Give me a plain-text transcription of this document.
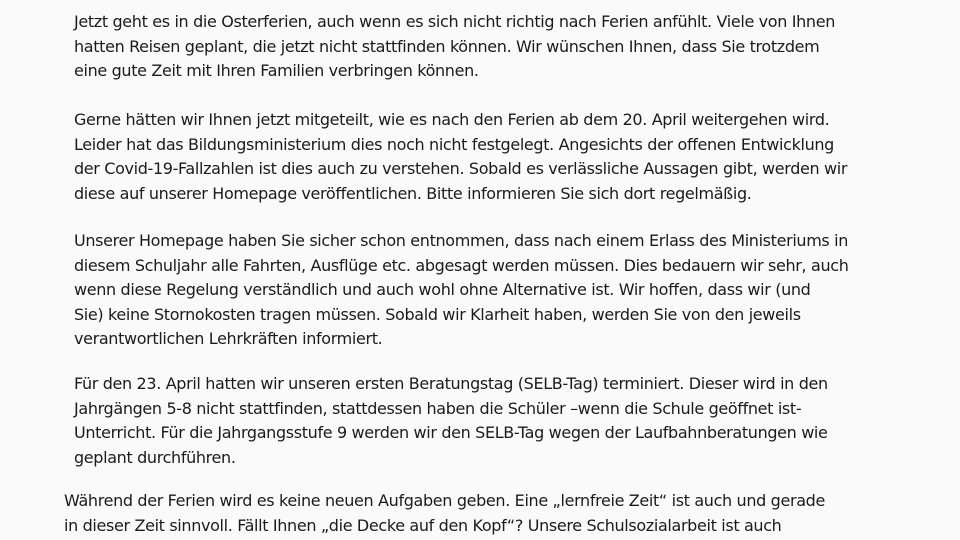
Jetzt geht es in die Osterferien, auch wenn es sich nicht richtig nach Ferien anfühlt. Viele von Ihnen
hatten Reisen geplant, die jetzt nicht stattfinden können. Wir wünschen Ihnen, dass Sie trotzdem
eine gute Zeit mit Ihren Familien verbringen können.

Gerne hätten wir Ihnen jetzt mitgeteilt, wie es nach den Ferien ab dem 20. April weitergehen wird.
Leider hat das Bildungsministerium dies noch nicht festgelegt. Angesichts der offenen Entwicklung
der Covid-19-Fallzahlen ist dies auch zu verstehen. Sobald es verlässliche Aussagen gibt, werden wir
diese auf unserer Homepage veröffentlichen. Bitte informieren Sie sich dort regelmäßig.

Unserer Homepage haben Sie sicher schon entnommen, dass nach einem Erlass des Ministeriums in
diesem Schuljahr alle Fahrten, Ausflüge etc. abgesagt werden müssen. Dies bedauern wir sehr, auch
wenn diese Regelung verständlich und auch wohl ohne Alternative ist. Wir hoffen, dass wir (und
Sie) keine Stornokosten tragen müssen. Sobald wir Klarheit haben, werden Sie von den jeweils
verantwortlichen Lehrkräften informiert.

Für den 23. April hatten wir unseren ersten Beratungstag (SELB-Tag) terminiert. Dieser wird in den
Jahrgängen 5-8 nicht stattfinden, stattdessen haben die Schüler –wenn die Schule geöffnet ist-
Unterricht. Für die Jahrgangsstufe 9 werden wir den SELB-Tag wegen der Laufbahnberatungen wie
geplant durchführen.

Während der Ferien wird es keine neuen Aufgaben geben. Eine „lernfreie Zeit“ ist auch und gerade
in dieser Zeit sinnvoll. Fällt Ihnen „die Decke auf den Kopf“? Unsere Schulsozialarbeit ist auch
